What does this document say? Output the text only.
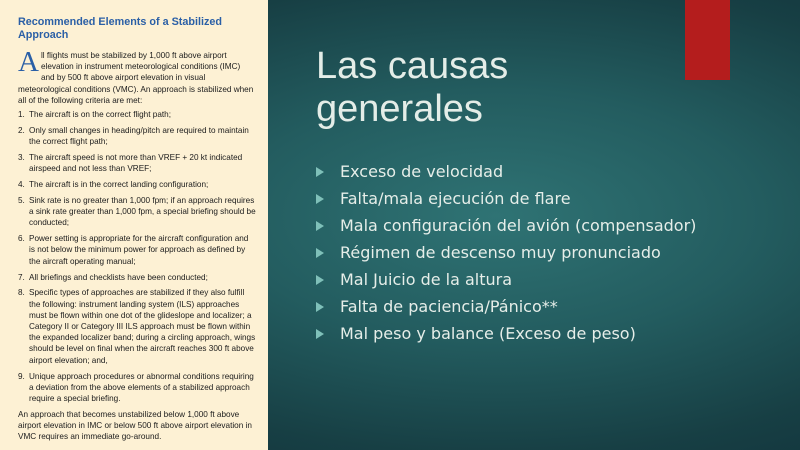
Recommended Elements of a Stabilized Approach

All flights must be stabilized by 1,000 ft above airport elevation in instrument meteorological conditions (IMC) and by 500 ft above airport elevation in visual meteorological conditions (VMC). An approach is stabilized when all of the following criteria are met:

1. The aircraft is on the correct flight path;
2. Only small changes in heading/pitch are required to maintain the correct flight path;
3. The aircraft speed is not more than VREF + 20 kt indicated airspeed and not less than VREF;
4. The aircraft is in the correct landing configuration;
5. Sink rate is no greater than 1,000 fpm; if an approach requires a sink rate greater than 1,000 fpm, a special briefing should be conducted;
6. Power setting is appropriate for the aircraft configuration and is not below the minimum power for approach as defined by the aircraft operating manual;
7. All briefings and checklists have been conducted;
8. Specific types of approaches are stabilized if they also fulfill the following: instrument landing system (ILS) approaches must be flown within one dot of the glideslope and localizer; a Category II or Category III ILS approach must be flown within the expanded localizer band; during a circling approach, wings should be level on final when the aircraft reaches 300 ft above airport elevation; and,
9. Unique approach procedures or abnormal conditions requiring a deviation from the above elements of a stabilized approach require a special briefing.

An approach that becomes unstabilized below 1,000 ft above airport elevation in IMC or below 500 ft above airport elevation in VMC requires an immediate go-around.

Las causas generales
Exceso de velocidad
Falta/mala ejecución de flare
Mala configuración del avión (compensador)
Régimen de descenso muy pronunciado
Mal Juicio de la altura
Falta de paciencia/Pánico**
Mal peso y balance (Exceso de peso)
